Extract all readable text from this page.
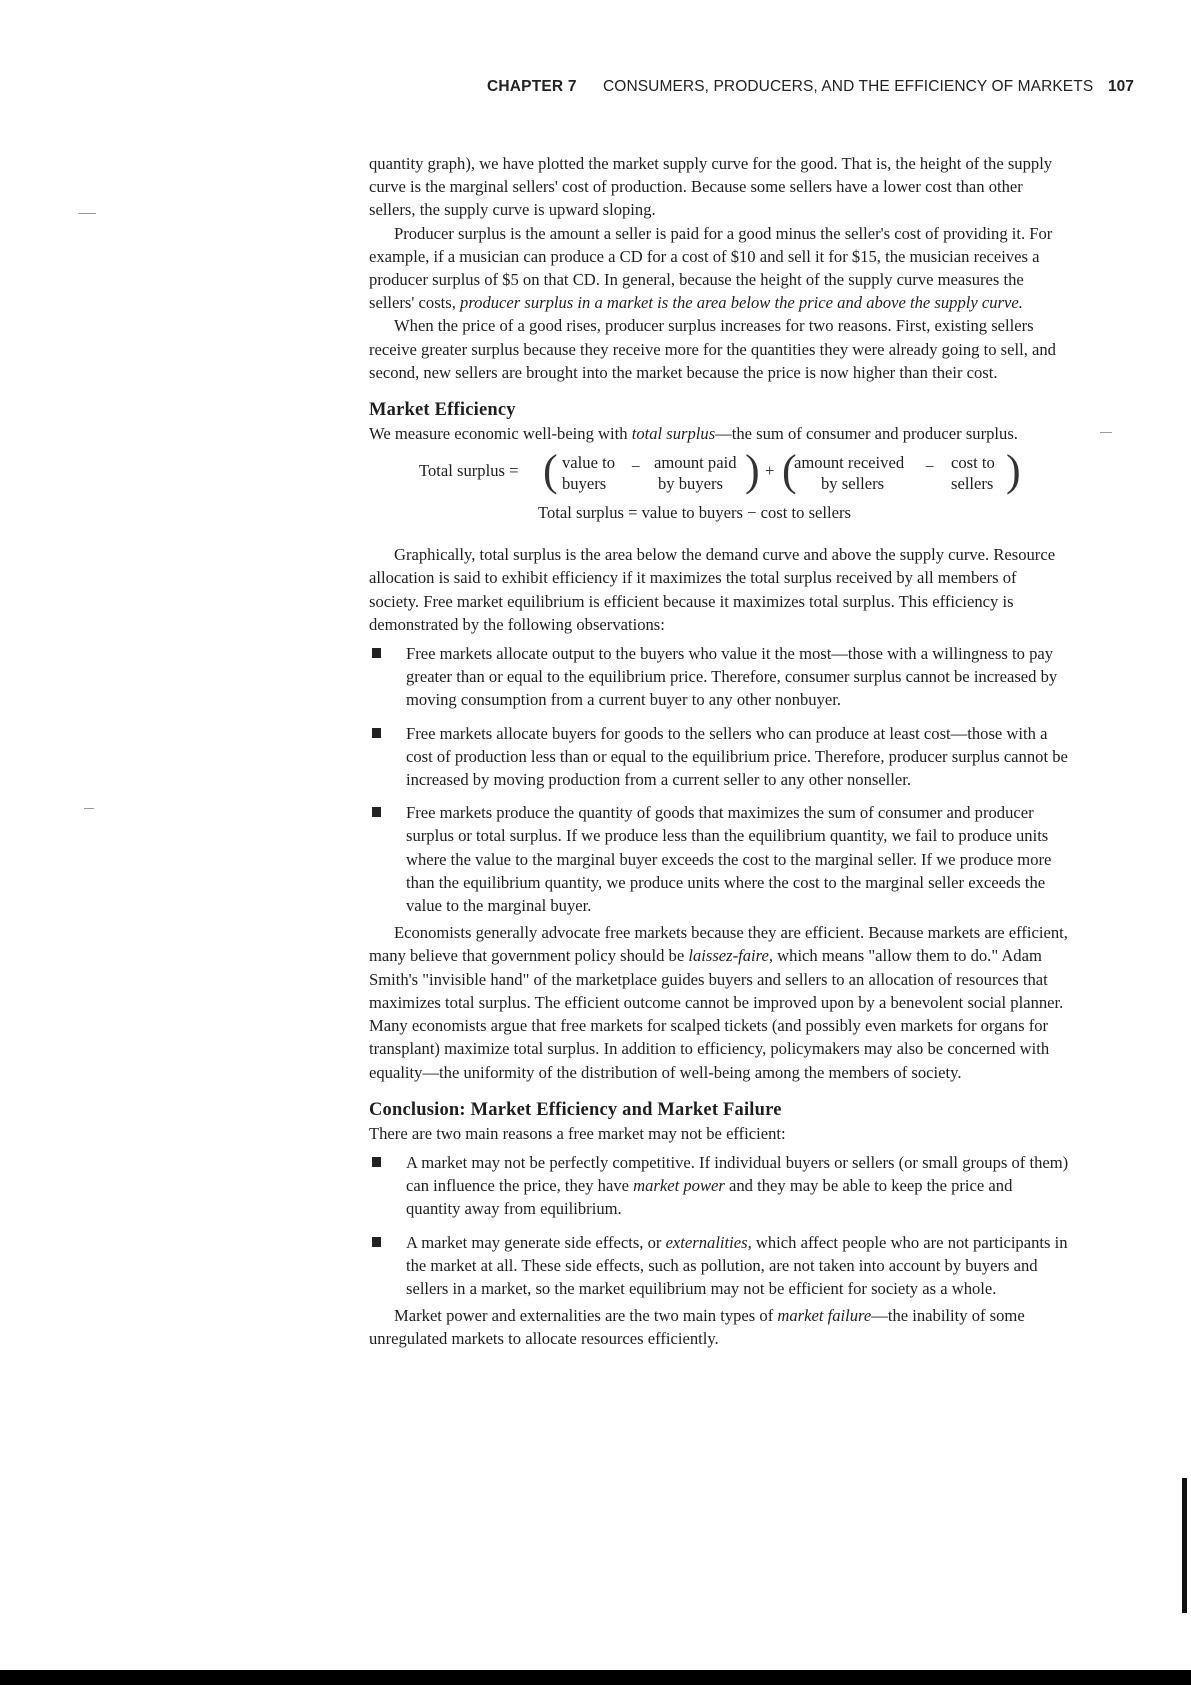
CHAPTER 7 CONSUMERS, PRODUCERS, AND THE EFFICIENCY OF MARKETS 107

quantity graph), we have plotted the market supply curve for the good. That is, the height of the supply curve is the marginal sellers' cost of production. Because some sellers have a lower cost than other sellers, the supply curve is upward sloping.

Producer surplus is the amount a seller is paid for a good minus the seller's cost of providing it. For example, if a musician can produce a CD for a cost of $10 and sell it for $15, the musician receives a producer surplus of $5 on that CD. In general, because the height of the supply curve measures the sellers' costs, producer surplus in a market is the area below the price and above the supply curve.

When the price of a good rises, producer surplus increases for two reasons. First, existing sellers receive greater surplus because they receive more for the quantities they were already going to sell, and second, new sellers are brought into the market because the price is now higher than their cost.

Market Efficiency

We measure economic well-being with total surplus—the sum of consumer and producer surplus.

Total surplus = ( value to
buyers
− amount paid
by buyers ) + (
amount received
by sellers
− cost to
sellers )
Total surplus = value to buyers − cost to sellers

Graphically, total surplus is the area below the demand curve and above the supply curve. Resource allocation is said to exhibit efficiency if it maximizes the total surplus received by all members of society. Free market equilibrium is efficient because it maximizes total surplus. This efficiency is demonstrated by the following observations:

Free markets allocate output to the buyers who value it the most—those with a willingness to pay greater than or equal to the equilibrium price. Therefore, consumer surplus cannot be increased by moving consumption from a current buyer to any other nonbuyer.
Free markets allocate buyers for goods to the sellers who can produce at least cost—those with a cost of production less than or equal to the equilibrium price. Therefore, producer surplus cannot be increased by moving production from a current seller to any other nonseller.
Free markets produce the quantity of goods that maximizes the sum of consumer and producer surplus or total surplus. If we produce less than the equilibrium quantity, we fail to produce units where the value to the marginal buyer exceeds the cost to the marginal seller. If we produce more than the equilibrium quantity, we produce units where the cost to the marginal seller exceeds the value to the marginal buyer.

Economists generally advocate free markets because they are efficient. Because markets are efficient, many believe that government policy should be laissez-faire, which means "allow them to do." Adam Smith's "invisible hand" of the marketplace guides buyers and sellers to an allocation of resources that maximizes total surplus. The efficient outcome cannot be improved upon by a benevolent social planner. Many economists argue that free markets for scalped tickets (and possibly even markets for organs for transplant) maximize total surplus. In addition to efficiency, policymakers may also be concerned with equality—the uniformity of the distribution of well-being among the members of society.

Conclusion: Market Efficiency and Market Failure

There are two main reasons a free market may not be efficient:

A market may not be perfectly competitive. If individual buyers or sellers (or small groups of them) can influence the price, they have market power and they may be able to keep the price and quantity away from equilibrium.
A market may generate side effects, or externalities, which affect people who are not participants in the market at all. These side effects, such as pollution, are not taken into account by buyers and sellers in a market, so the market equilibrium may not be efficient for society as a whole.

Market power and externalities are the two main types of market failure—the inability of some unregulated markets to allocate resources efficiently.
